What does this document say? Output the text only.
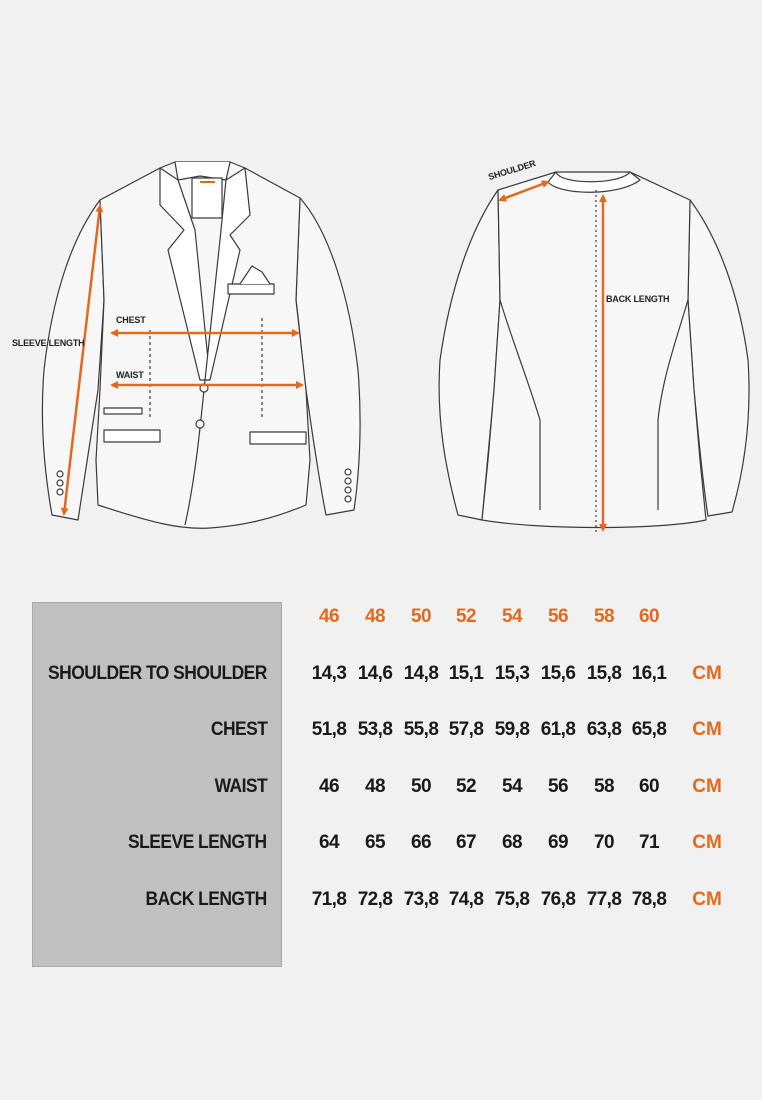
SLEEVE LENGTH
CHEST
WAIST
SHOULDER
BACK LENGTH
46	48	50	52	54	56	58	60
SHOULDER TO SHOULDER	14,3 14,6 14,8 15,1 15,3 15,6 15,8 16,1	CM
CHEST	51,8 53,8 55,8 57,8 59,8 61,8 63,8 65,8	CM
WAIST	46	48	50	52	54	56	58	60	CM
SLEEVE LENGTH	64	65	66	67	68	69	70	71	CM
BACK LENGTH	71,8 72,8 73,8 74,8 75,8 76,8 77,8 78,8	CM
